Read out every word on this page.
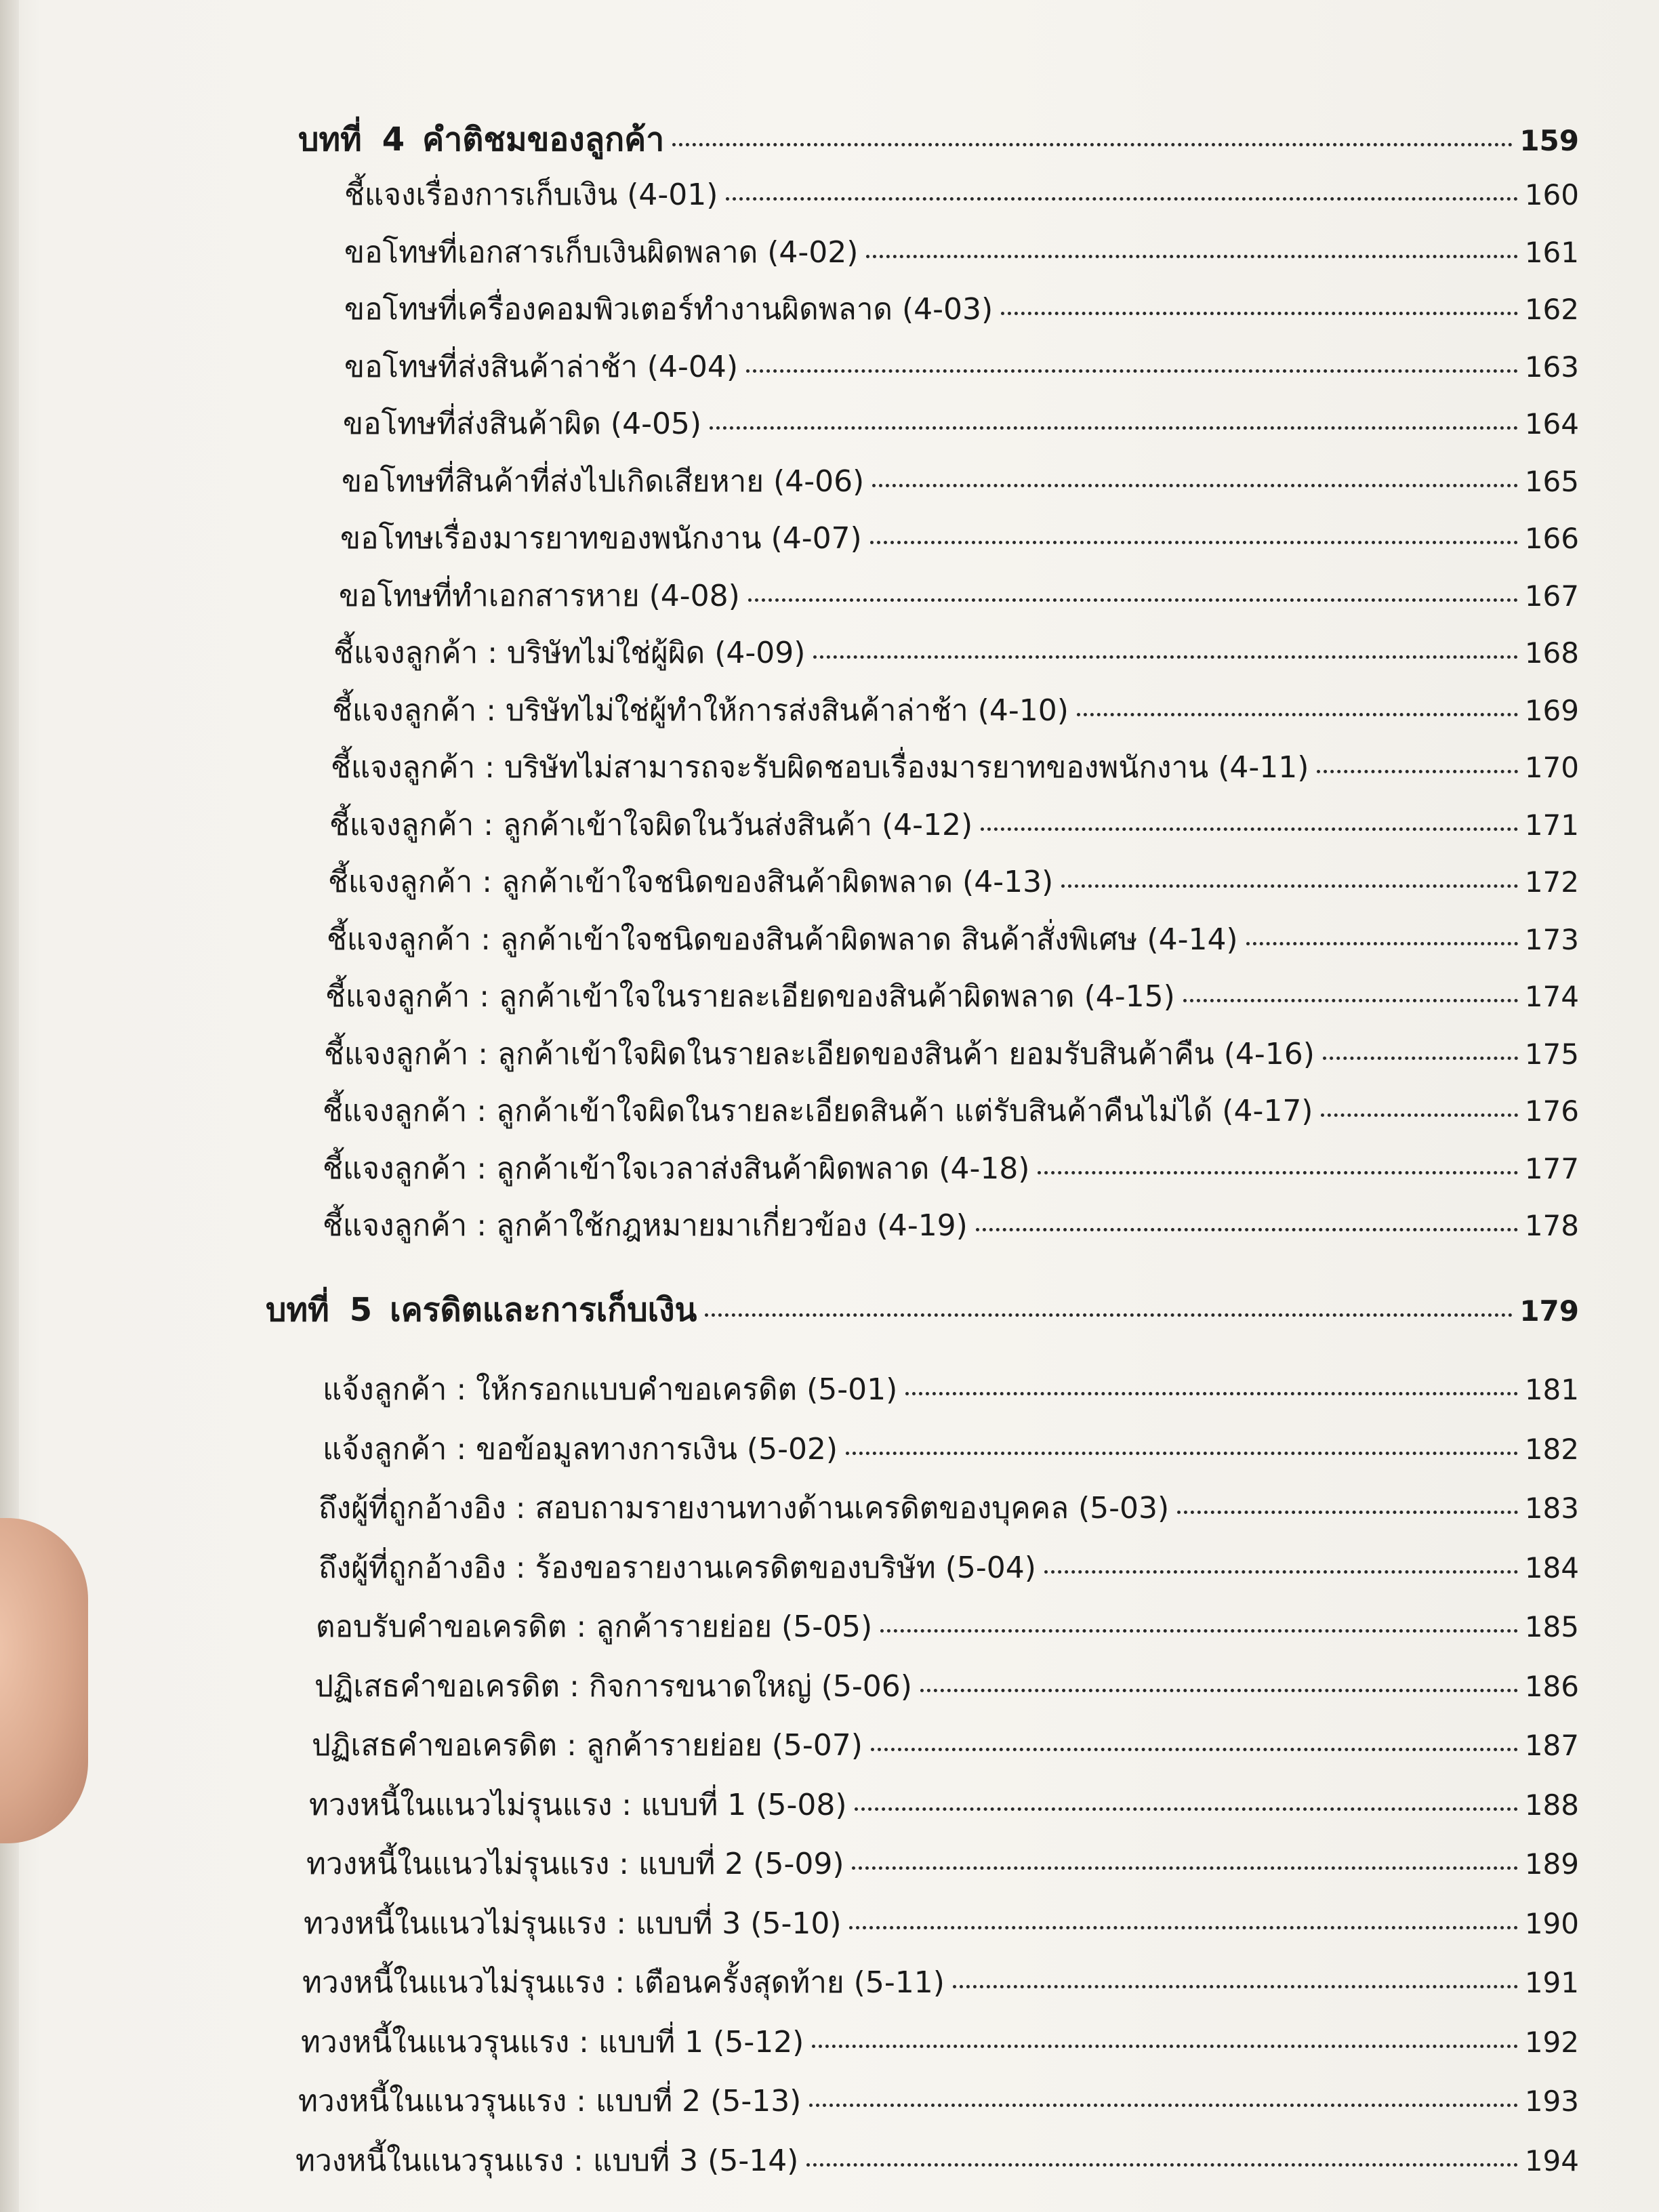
บทที่ 4 คำติชมของลูกค้า	159
ชี้แจงเรื่องการเก็บเงิน (4-01)	160
ขอโทษที่เอกสารเก็บเงินผิดพลาด (4-02)	161
ขอโทษที่เครื่องคอมพิวเตอร์ทำงานผิดพลาด (4-03)	162
ขอโทษที่ส่งสินค้าล่าช้า (4-04)	163
ขอโทษที่ส่งสินค้าผิด (4-05)	164
ขอโทษที่สินค้าที่ส่งไปเกิดเสียหาย (4-06)	165
ขอโทษเรื่องมารยาทของพนักงาน (4-07)	166
ขอโทษที่ทำเอกสารหาย (4-08)	167
ชี้แจงลูกค้า : บริษัทไม่ใช่ผู้ผิด (4-09)	168
ชี้แจงลูกค้า : บริษัทไม่ใช่ผู้ทำให้การส่งสินค้าล่าช้า (4-10)	169
ชี้แจงลูกค้า : บริษัทไม่สามารถจะรับผิดชอบเรื่องมารยาทของพนักงาน (4-11)	170
ชี้แจงลูกค้า : ลูกค้าเข้าใจผิดในวันส่งสินค้า (4-12)	171
ชี้แจงลูกค้า : ลูกค้าเข้าใจชนิดของสินค้าผิดพลาด (4-13)	172
ชี้แจงลูกค้า : ลูกค้าเข้าใจชนิดของสินค้าผิดพลาด สินค้าสั่งพิเศษ (4-14)	173
ชี้แจงลูกค้า : ลูกค้าเข้าใจในรายละเอียดของสินค้าผิดพลาด (4-15)	174
ชี้แจงลูกค้า : ลูกค้าเข้าใจผิดในรายละเอียดของสินค้า ยอมรับสินค้าคืน (4-16)	175
ชี้แจงลูกค้า : ลูกค้าเข้าใจผิดในรายละเอียดสินค้า แต่รับสินค้าคืนไม่ได้ (4-17)	176
ชี้แจงลูกค้า : ลูกค้าเข้าใจเวลาส่งสินค้าผิดพลาด (4-18)	177
ชี้แจงลูกค้า : ลูกค้าใช้กฎหมายมาเกี่ยวข้อง (4-19)	178
บทที่ 5 เครดิตและการเก็บเงิน	179
แจ้งลูกค้า : ให้กรอกแบบคำขอเครดิต (5-01)	181
แจ้งลูกค้า : ขอข้อมูลทางการเงิน (5-02)	182
ถึงผู้ที่ถูกอ้างอิง : สอบถามรายงานทางด้านเครดิตของบุคคล (5-03)	183
ถึงผู้ที่ถูกอ้างอิง : ร้องขอรายงานเครดิตของบริษัท (5-04)	184
ตอบรับคำขอเครดิต : ลูกค้ารายย่อย (5-05)	185
ปฏิเสธคำขอเครดิต : กิจการขนาดใหญ่ (5-06)	186
ปฏิเสธคำขอเครดิต : ลูกค้ารายย่อย (5-07)	187
ทวงหนี้ในแนวไม่รุนแรง : แบบที่ 1 (5-08)	188
ทวงหนี้ในแนวไม่รุนแรง : แบบที่ 2 (5-09)	189
ทวงหนี้ในแนวไม่รุนแรง : แบบที่ 3 (5-10)	190
ทวงหนี้ในแนวไม่รุนแรง : เตือนครั้งสุดท้าย (5-11)	191
ทวงหนี้ในแนวรุนแรง : แบบที่ 1 (5-12)	192
ทวงหนี้ในแนวรุนแรง : แบบที่ 2 (5-13)	193
ทวงหนี้ในแนวรุนแรง : แบบที่ 3 (5-14)	194
